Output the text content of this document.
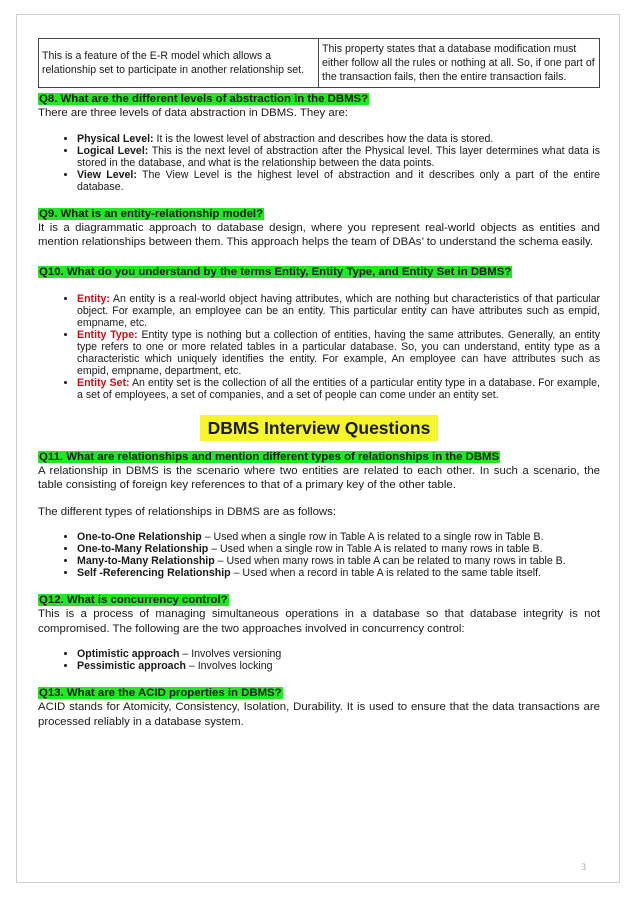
This is a feature of the E-R model which allows a relationship set to participate in another relationship set.	This property states that a database modification must either follow all the rules or nothing at all. So, if one part of the transaction fails, then the entire transaction fails.
Q8. What are the different levels of abstraction in the DBMS?

There are three levels of data abstraction in DBMS. They are:

• Physical Level: It is the lowest level of abstraction and describes how the data is stored.
• Logical Level: This is the next level of abstraction after the Physical level. This layer determines what data is stored in the database, and what is the relationship between the data points.
• View Level: The View Level is the highest level of abstraction and it describes only a part of the entire database.
Q9. What is an entity-relationship model?

It is a diagrammatic approach to database design, where you represent real-world objects as entities and mention relationships between them. This approach helps the team of DBAs’ to understand the schema easily.

Q10. What do you understand by the terms Entity, Entity Type, and Entity Set in DBMS?
• Entity: An entity is a real-world object having attributes, which are nothing but characteristics of that particular object. For example, an employee can be an entity. This particular entity can have attributes such as empid, empname, etc.
• Entity Type: Entity type is nothing but a collection of entities, having the same attributes. Generally, an entity type refers to one or more related tables in a particular database. So, you can understand, entity type as a characteristic which uniquely identifies the entity. For example, An employee can have attributes such as empid, empname, department, etc.
• Entity Set: An entity set is the collection of all the entities of a particular entity type in a database. For example, a set of employees, a set of companies, and a set of people can come under an entity set.
DBMS Interview Questions
Q11. What are relationships and mention different types of relationships in the DBMS

A relationship in DBMS is the scenario where two entities are related to each other. In such a scenario, the table consisting of foreign key references to that of a primary key of the other table.

The different types of relationships in DBMS are as follows:

• One-to-One Relationship – Used when a single row in Table A is related to a single row in Table B.
• One-to-Many Relationship – Used when a single row in Table A is related to many rows in table B.
• Many-to-Many Relationship – Used when many rows in table A can be related to many rows in table B.
• Self -Referencing Relationship – Used when a record in table A is related to the same table itself.
Q12. What is concurrency control?

This is a process of managing simultaneous operations in a database so that database integrity is not compromised. The following are the two approaches involved in concurrency control:

• Optimistic approach – Involves versioning
• Pessimistic approach – Involves locking
Q13. What are the ACID properties in DBMS?

ACID stands for Atomicity, Consistency, Isolation, Durability. It is used to ensure that the data transactions are processed reliably in a database system.

3
